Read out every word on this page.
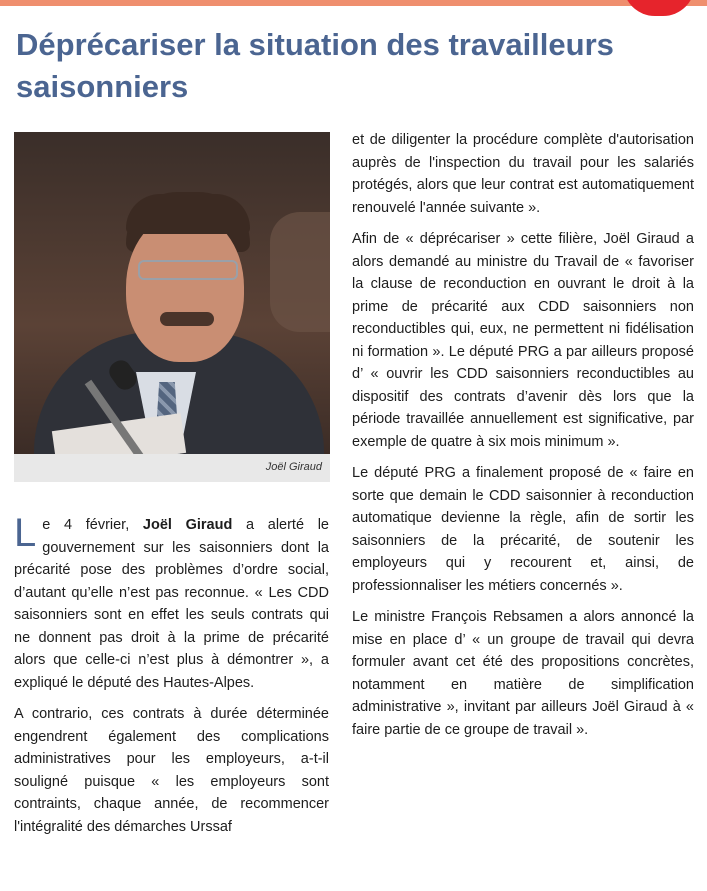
Déprécariser la situation des travailleurs saisonniers
Joël Giraud

Le 4 février, Joël Giraud a alerté le gouvernement sur les saisonniers dont la précarité pose des problèmes d’ordre social, d’autant qu’elle n’est pas reconnue. « Les CDD saisonniers sont en effet les seuls contrats qui ne donnent pas droit à la prime de précarité alors que celle-ci n’est plus à démontrer », a expliqué le député des Hautes-Alpes.

A contrario, ces contrats à durée déterminée engendrent également des complications administratives pour les employeurs, a-t-il souligné puisque « les employeurs sont contraints, chaque année, de recommencer l'intégralité des démarches Urssaf

et de diligenter la procédure complète d'autorisation auprès de l'inspection du travail pour les salariés protégés, alors que leur contrat est automatiquement renouvelé l'année suivante ».

Afin de « déprécariser » cette filière, Joël Giraud a alors demandé au ministre du Travail de « favoriser la clause de reconduction en ouvrant le droit à la prime de précarité aux CDD saisonniers non reconductibles qui, eux, ne permettent ni fidélisation ni formation ». Le député PRG a par ailleurs proposé d’ « ouvrir les CDD saisonniers reconductibles au dispositif des contrats d’avenir dès lors que la période travaillée annuellement est significative, par exemple de quatre à six mois minimum ».

Le député PRG a finalement proposé de « faire en sorte que demain le CDD saisonnier à reconduction automatique devienne la règle, afin de sortir les saisonniers de la précarité, de soutenir les employeurs qui y recourent et, ainsi, de professionnaliser les métiers concernés ».

Le ministre François Rebsamen a alors annoncé la mise en place d’ « un groupe de travail qui devra formuler avant cet été des propositions concrètes, notamment en matière de simplification administrative », invitant par ailleurs Joël Giraud à « faire partie de ce groupe de travail ».
